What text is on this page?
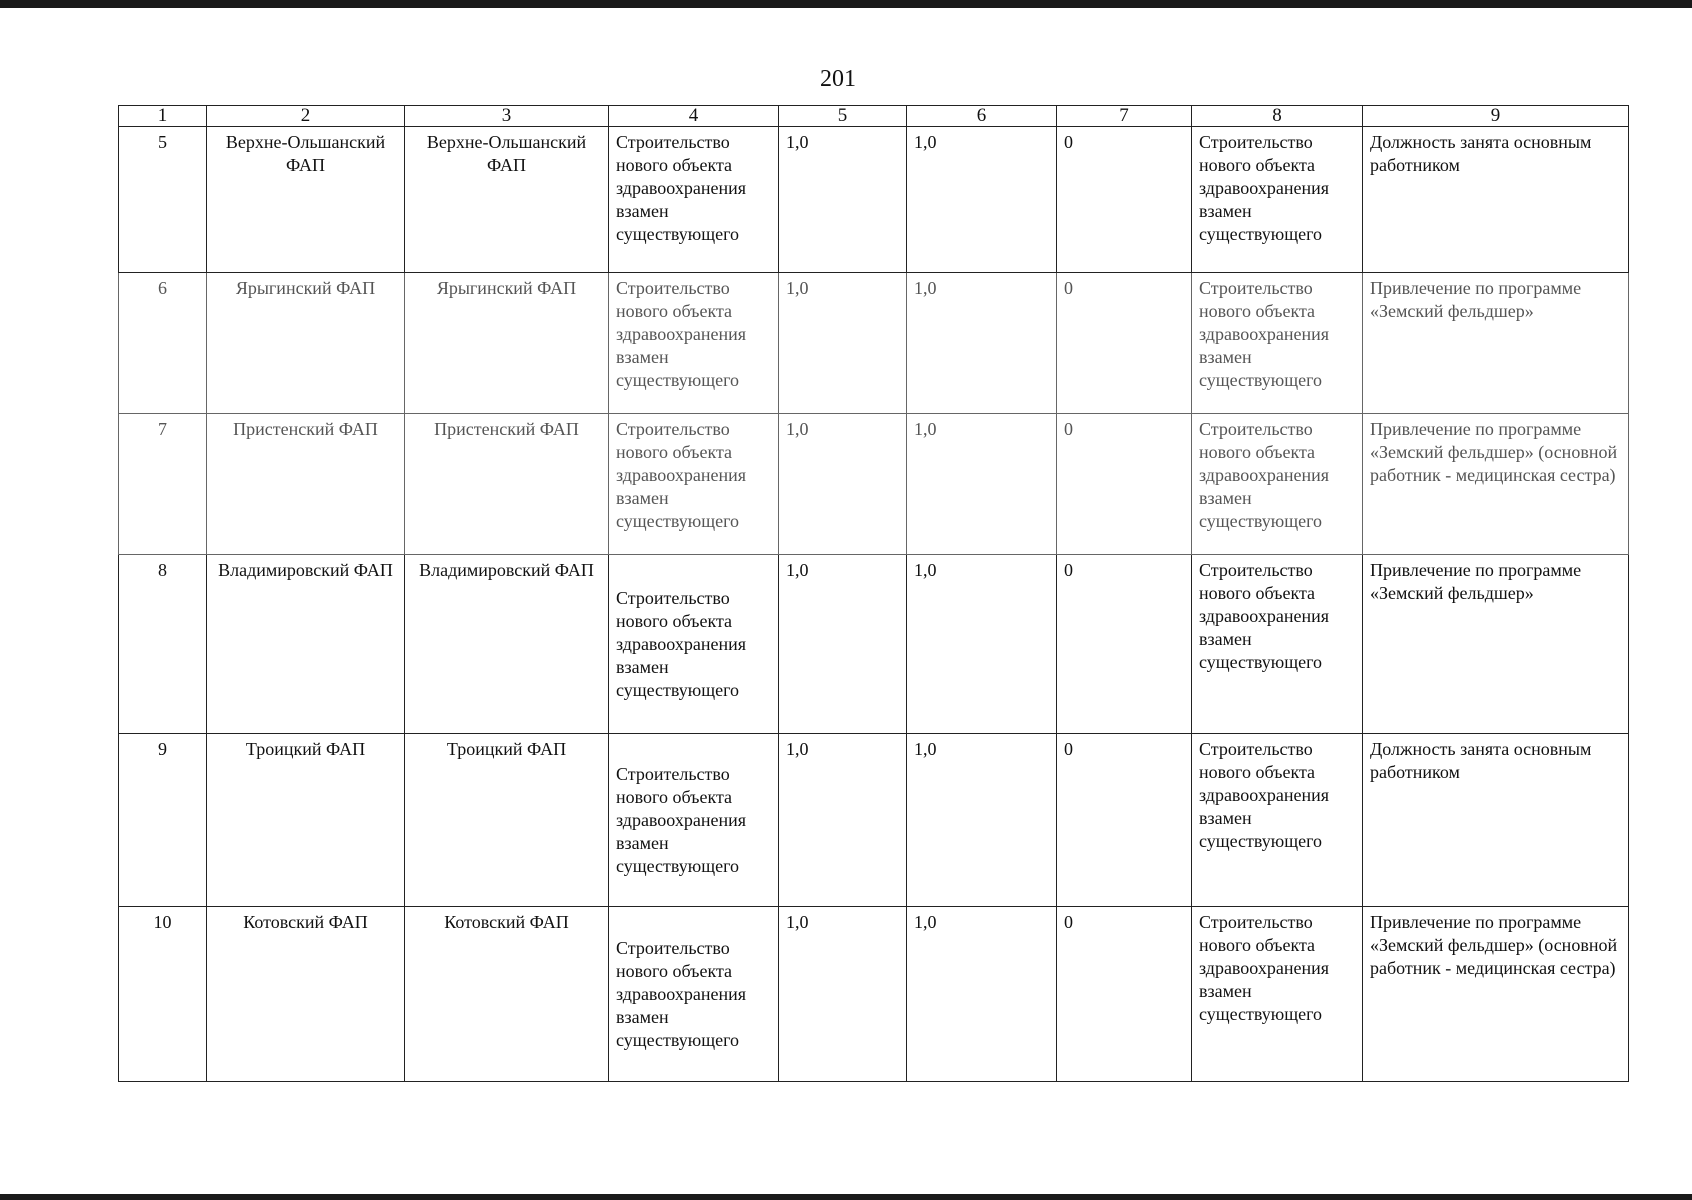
201
1	2	3	4	5	6	7	8	9
5	Верхне-Ольшанский ФАП	Верхне-Ольшанский ФАП	Строительство нового объекта здравоохранения взамен существующего	1,0	1,0	0	Строительство нового объекта здравоохранения взамен существующего	Должность занята основным работником
6	Ярыгинский ФАП	Ярыгинский ФАП	Строительство нового объекта здравоохранения взамен существующего	1,0	1,0	0	Строительство нового объекта здравоохранения взамен существующего	Привлечение по программе «Земский фельдшер»
7	Пристенский ФАП	Пристенский ФАП	Строительство нового объекта здравоохранения взамен существующего	1,0	1,0	0	Строительство нового объекта здравоохранения взамен существующего	Привлечение по программе «Земский фельдшер» (основной работник - медицинская сестра)
8	Владимировский ФАП	Владимировский ФАП	Строительство нового объекта здравоохранения взамен существующего	1,0	1,0	0	Строительство нового объекта здравоохранения взамен существующего	Привлечение по программе «Земский фельдшер»
9	Троицкий ФАП	Троицкий ФАП	Строительство нового объекта здравоохранения взамен существующего	1,0	1,0	0	Строительство нового объекта здравоохранения взамен существующего	Должность занята основным работником
10	Котовский ФАП	Котовский ФАП	Строительство нового объекта здравоохранения взамен существующего	1,0	1,0	0	Строительство нового объекта здравоохранения взамен существующего	Привлечение по программе «Земский фельдшер» (основной работник - медицинская сестра)
